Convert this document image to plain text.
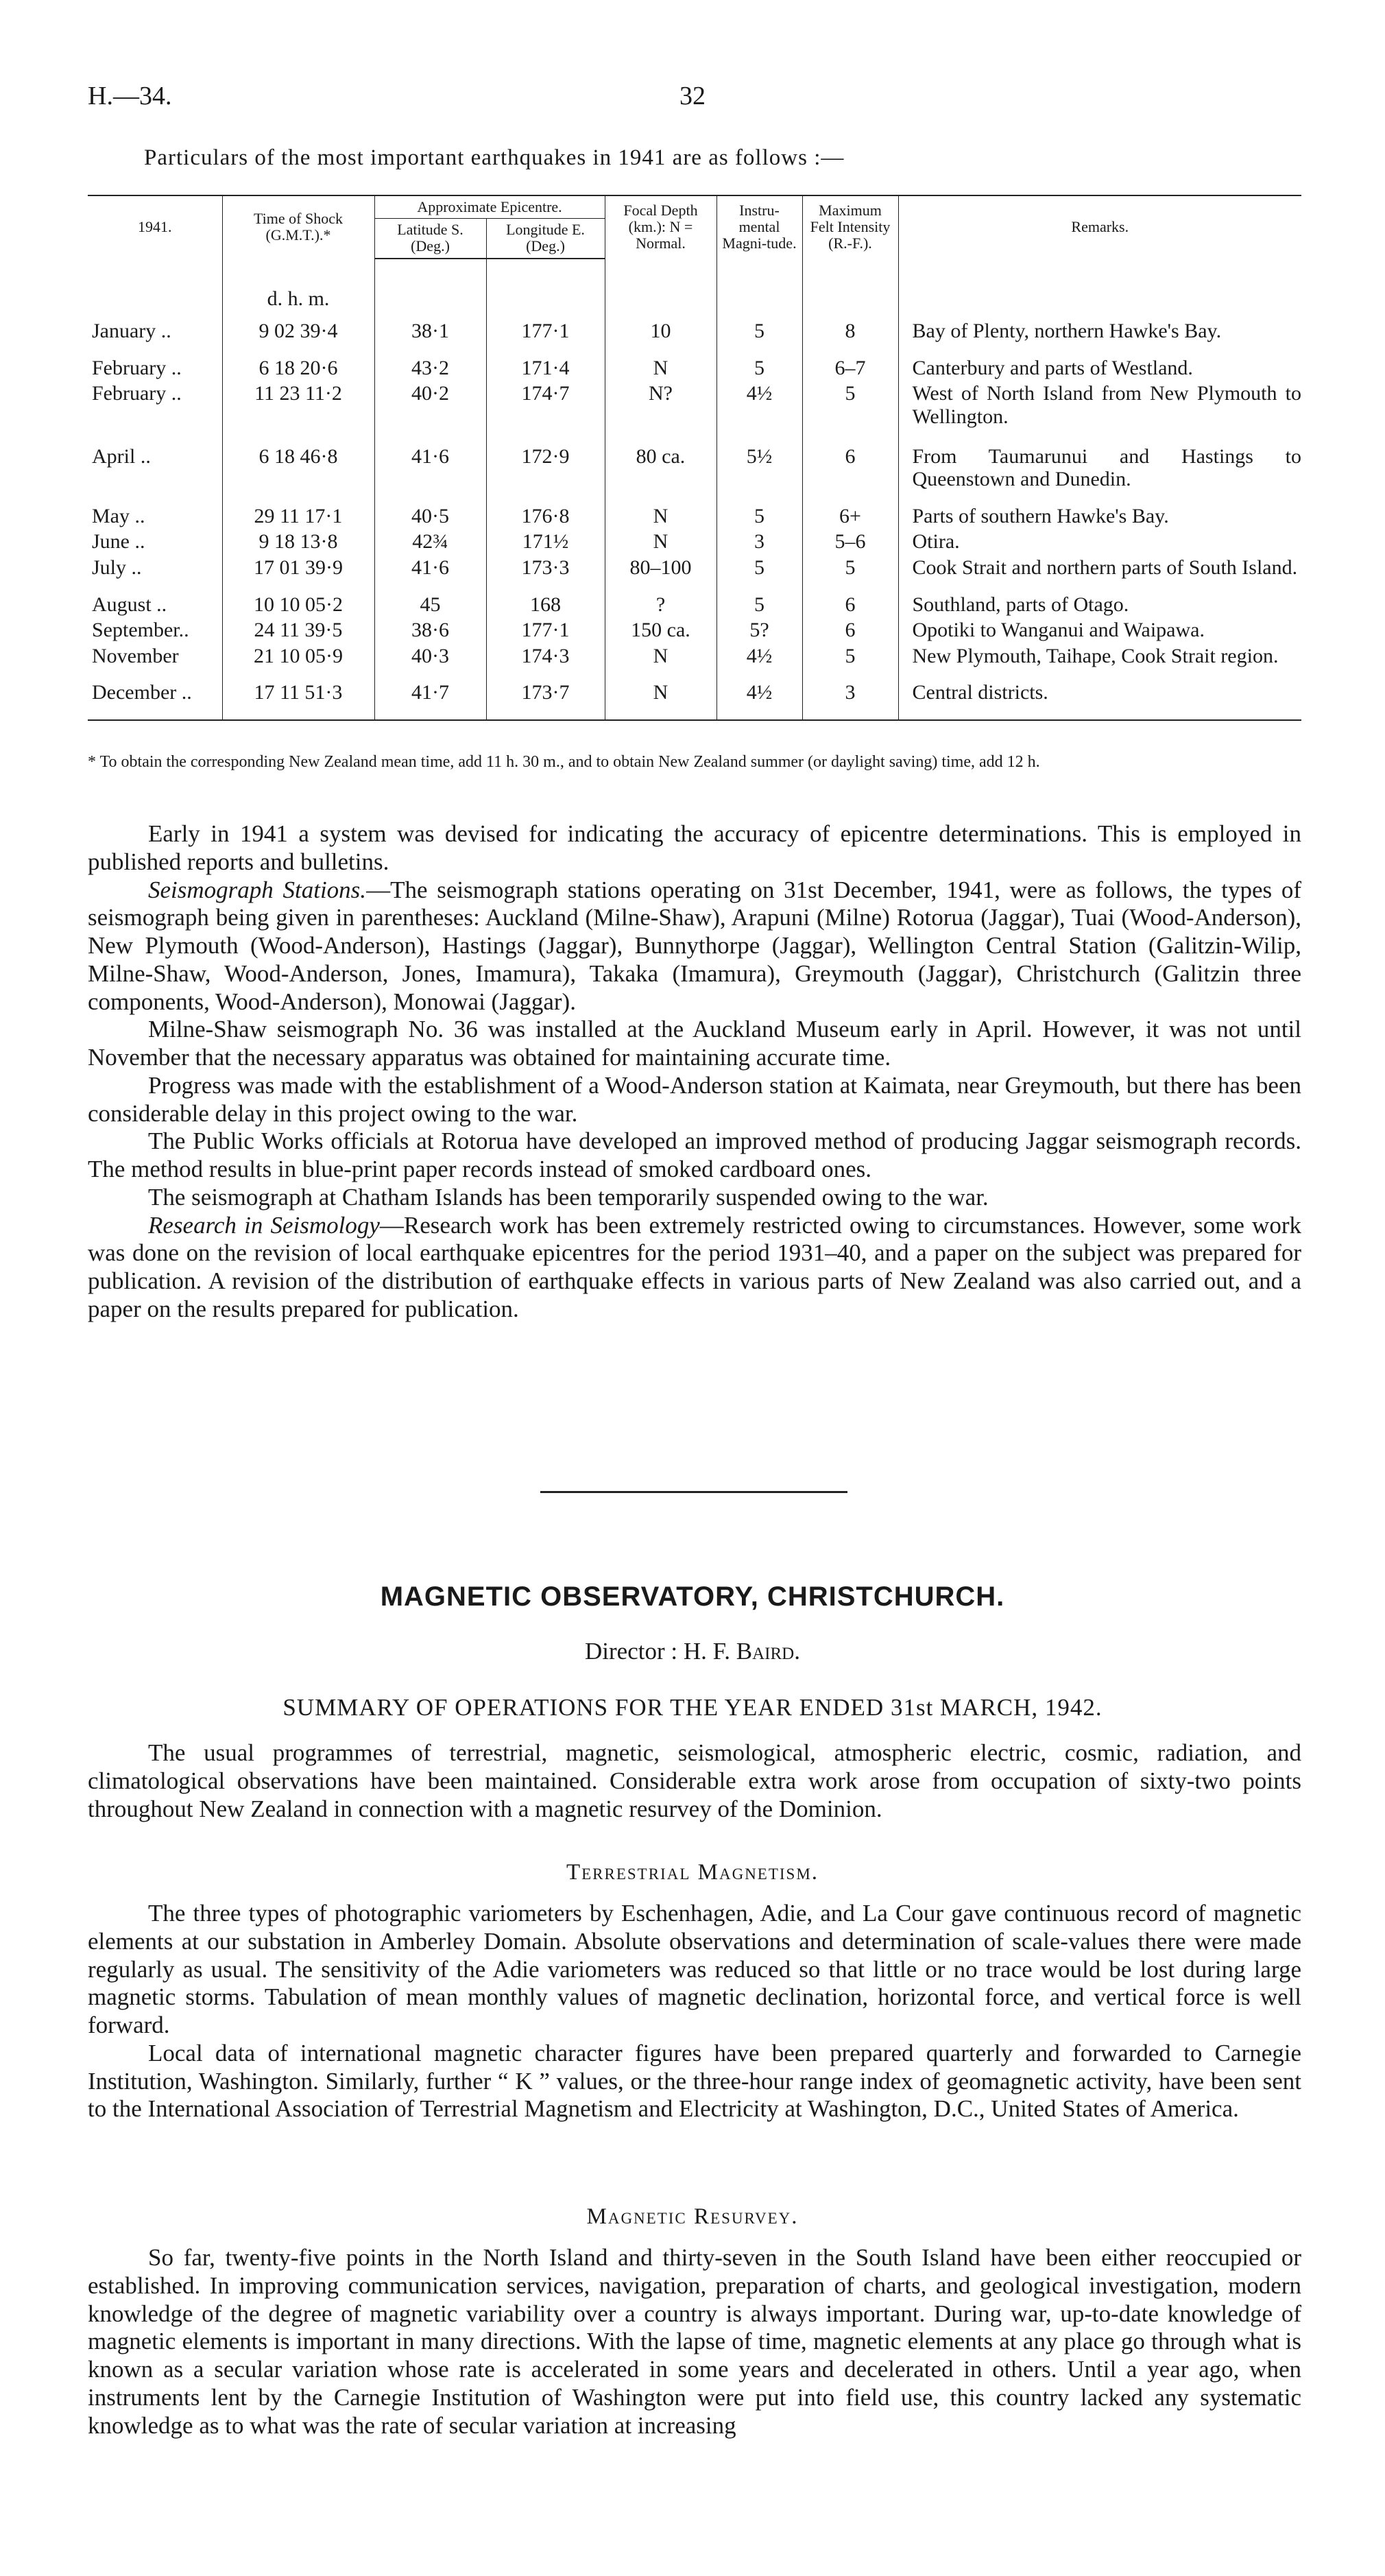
H.—34.	32
Particulars of the most important earthquakes in 1941 are as follows :—
1941.	Time of Shock (G.M.T.).*	Approximate Epicentre.		Focal Depth (km.): N = Normal.	Instru-mental Magni-tude.	Maximum Felt Intensity (R.-F.).	Remarks.
		Latitude S. (Deg.)	Longitude E. (Deg.)				
	d. h. m.						
January ..	9 02 39·4	38·1	177·1	10	5	8	Bay of Plenty, northern Hawke's Bay.
February ..	6 18 20·6	43·2	171·4	N	5	6–7	Canterbury and parts of Westland.
February ..	11 23 11·2	40·2	174·7	N?	4½	5	West of North Island from New Plymouth to Wellington.
April ..	6 18 46·8	41·6	172·9	80 ca.	5½	6	From Taumarunui and Hastings to Queenstown and Dunedin.
May ..	29 11 17·1	40·5	176·8	N	5	6+	Parts of southern Hawke's Bay.
June ..	9 18 13·8	42¾	171½	N	3	5–6	Otira.
July ..	17 01 39·9	41·6	173·3	80–100	5	5	Cook Strait and northern parts of South Island.
August ..	10 10 05·2	45	168	?	5	6	Southland, parts of Otago.
September..	24 11 39·5	38·6	177·1	150 ca.	5?	6	Opotiki to Wanganui and Waipawa.
November	21 10 05·9	40·3	174·3	N	4½	5	New Plymouth, Taihape, Cook Strait region.
December ..	17 11 51·3	41·7	173·7	N	4½	3	Central districts.
* To obtain the corresponding New Zealand mean time, add 11 h. 30 m., and to obtain New Zealand summer (or daylight saving) time, add 12 h.

Early in 1941 a system was devised for indicating the accuracy of epicentre determinations. This is employed in published reports and bulletins.

Seismograph Stations.—The seismograph stations operating on 31st December, 1941, were as follows, the types of seismograph being given in parentheses: Auckland (Milne-Shaw), Arapuni (Milne) Rotorua (Jaggar), Tuai (Wood-Anderson), New Plymouth (Wood-Anderson), Hastings (Jaggar), Bunnythorpe (Jaggar), Wellington Central Station (Galitzin-Wilip, Milne-Shaw, Wood-Anderson, Jones, Imamura), Takaka (Imamura), Greymouth (Jaggar), Christchurch (Galitzin three components, Wood-Anderson), Monowai (Jaggar).

Milne-Shaw seismograph No. 36 was installed at the Auckland Museum early in April. However, it was not until November that the necessary apparatus was obtained for maintaining accurate time.

Progress was made with the establishment of a Wood-Anderson station at Kaimata, near Greymouth, but there has been considerable delay in this project owing to the war.

The Public Works officials at Rotorua have developed an improved method of producing Jaggar seismograph records. The method results in blue-print paper records instead of smoked cardboard ones.

The seismograph at Chatham Islands has been temporarily suspended owing to the war.

Research in Seismology—Research work has been extremely restricted owing to circumstances. However, some work was done on the revision of local earthquake epicentres for the period 1931–40, and a paper on the subject was prepared for publication. A revision of the distribution of earthquake effects in various parts of New Zealand was also carried out, and a paper on the results prepared for publication.

MAGNETIC OBSERVATORY, CHRISTCHURCH.
Director : H. F. Baird.
SUMMARY OF OPERATIONS FOR THE YEAR ENDED 31st MARCH, 1942.

The usual programmes of terrestrial, magnetic, seismological, atmospheric electric, cosmic, radiation, and climatological observations have been maintained. Considerable extra work arose from occupation of sixty-two points throughout New Zealand in connection with a magnetic resurvey of the Dominion.

Terrestrial Magnetism.

The three types of photographic variometers by Eschenhagen, Adie, and La Cour gave continuous record of magnetic elements at our substation in Amberley Domain. Absolute observations and determination of scale-values there were made regularly as usual. The sensitivity of the Adie variometers was reduced so that little or no trace would be lost during large magnetic storms. Tabulation of mean monthly values of magnetic declination, horizontal force, and vertical force is well forward.

Local data of international magnetic character figures have been prepared quarterly and forwarded to Carnegie Institution, Washington. Similarly, further “ K ” values, or the three-hour range index of geomagnetic activity, have been sent to the International Association of Terrestrial Magnetism and Electricity at Washington, D.C., United States of America.

Magnetic Resurvey.

So far, twenty-five points in the North Island and thirty-seven in the South Island have been either reoccupied or established. In improving communication services, navigation, preparation of charts, and geological investigation, modern knowledge of the degree of magnetic variability over a country is always important. During war, up-to-date knowledge of magnetic elements is important in many directions. With the lapse of time, magnetic elements at any place go through what is known as a secular variation whose rate is accelerated in some years and decelerated in others. Until a year ago, when instruments lent by the Carnegie Institution of Washington were put into field use, this country lacked any systematic knowledge as to what was the rate of secular variation at increasing
